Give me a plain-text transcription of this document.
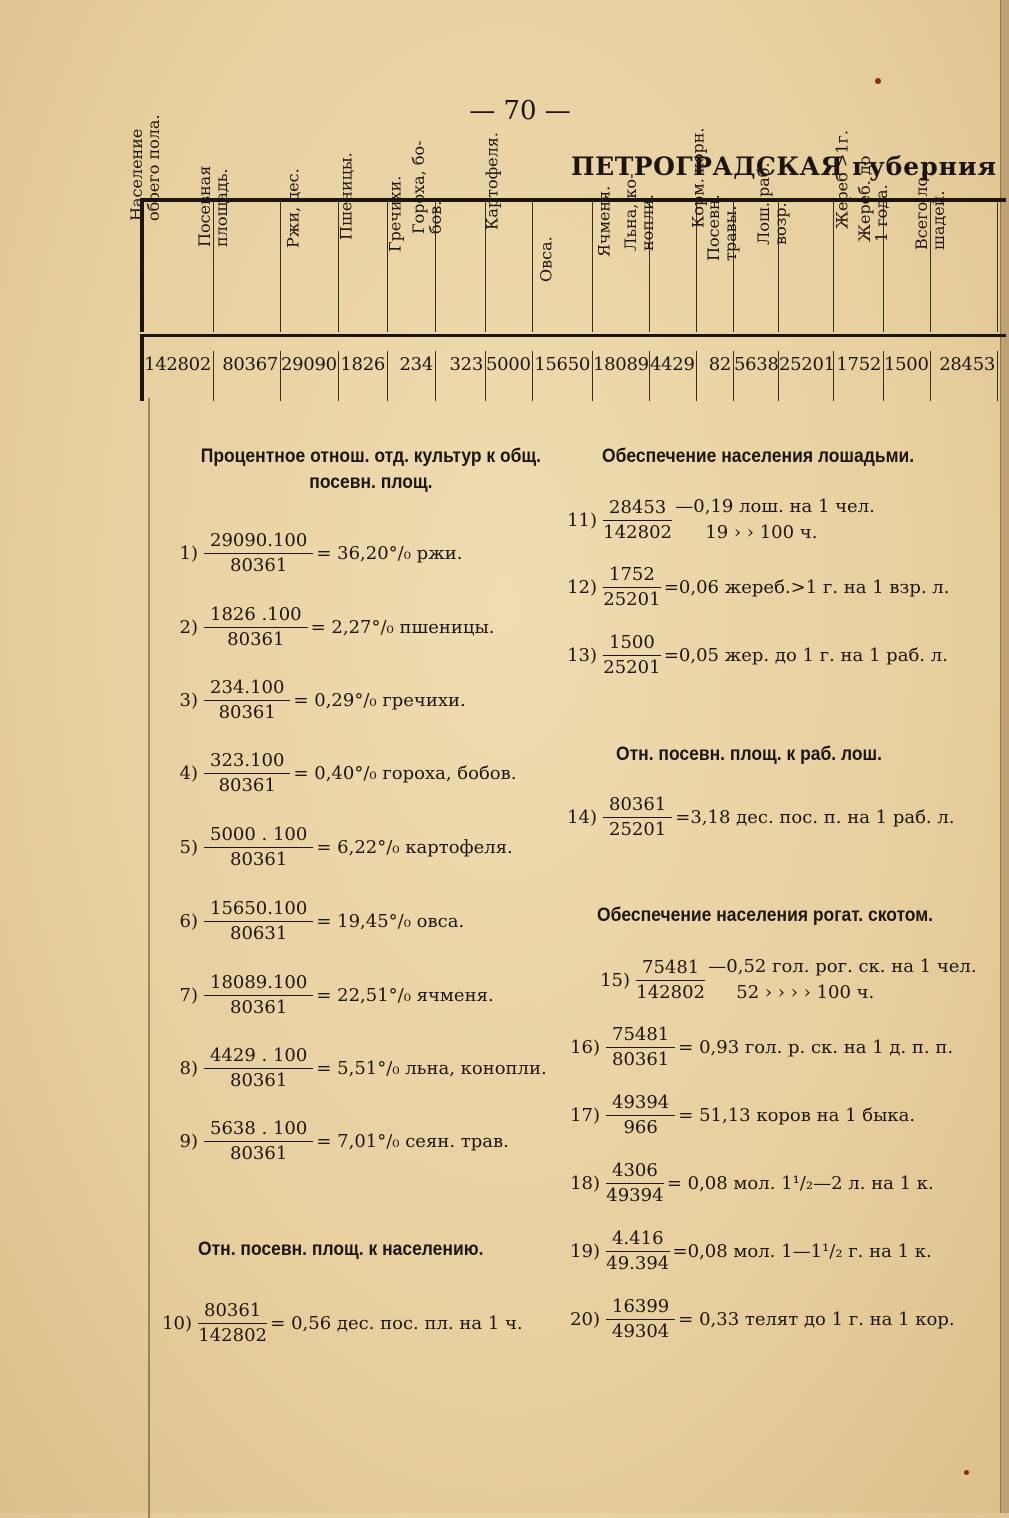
— 70 —
ПЕТРОГРАДСКАЯ губерния
Население
обоего пола.
Посевная
площадь.	Ржи, дес. Пшеницы. Гречихи. Гороха, бо-
бов. Картофеля.
Овса.
Ячменя. Льна, ко-
нопли. Корм. корн.
Посевн.
травы. Лош. раб.
возр.	Жереб >1г. Жереб. до
1 года. Всего ло-
шадей.
142802 80367 29090 1826 234 323 5000 15650 18089 4429 82 5638 25201 1752 1500 28453
Процентное отнош. отд. культур к общ.
посевн. площ.
$1) \frac{29090.100}{80361} = 36,20^\circ/_0$ ржи.
$2) \frac{1826 .100}{80361} = 2,27^\circ/_0$ пшеницы.
$3) \frac{234.100}{80361} = 0,29^\circ/_0$ гречихи.
$4) \frac{323.100}{80361} = 0,40^\circ/_0$ гороха, бобов.
$5) \frac{5000 . 100}{80361} = 6,22^\circ/_0$ картофеля.
$6) \frac{15650.100}{80631} = 19,45^\circ/_0$ овса.
$7) \frac{18089.100}{80361} = 22,51^\circ/_0$ ячменя.
$8) \frac{4429 . 100}{80361} = 5,51^\circ/_0$ льна, конопли.
$9) \frac{5638 . 100}{80361} = 7,01^\circ/_0$ сеян. трав.
Отн. посевн. площ. к населению.
$10) \frac{80361}{142802} = 0,56$ дес. пос. пл. на 1 ч.
Обеспечение населения лошадьми.
$11) \frac{28453}{142802}$ —0,19 лош. на 1 чел.
19 › › 100 ч.
$12) \frac{1752}{25201} =0,06$ жереб.>1 г. на 1 взр. л.
$13) \frac{1500}{25201} =0,05$ жер. до 1 г. на 1 раб. л.
Отн. посевн. площ. к раб. лош.
$14) \frac{80361}{25201} =3,18$ дес. пос. п. на 1 раб. л.
Обеспечение населения рогат. скотом.
$15) \frac{75481}{142802}$ —0,52 гол. рог. ск. на 1 чел.
52 › › › › 100 ч.
$16) \frac{75481}{80361} = 0,93$ гол. р. ск. на 1 д. п. п.
$17) \frac{49394}{966} = 51,13$ коров на 1 быка.
$18) \frac{4306}{49394} = 0,08$ мол. 1¹/₂—2 л. на 1 к.
$19) \frac{4.416}{49.394} =0,08$ мол. 1—1¹/₂ г. на 1 к.
$20) \frac{16399}{49304} = 0,33$ телят до 1 г. на 1 кор.
